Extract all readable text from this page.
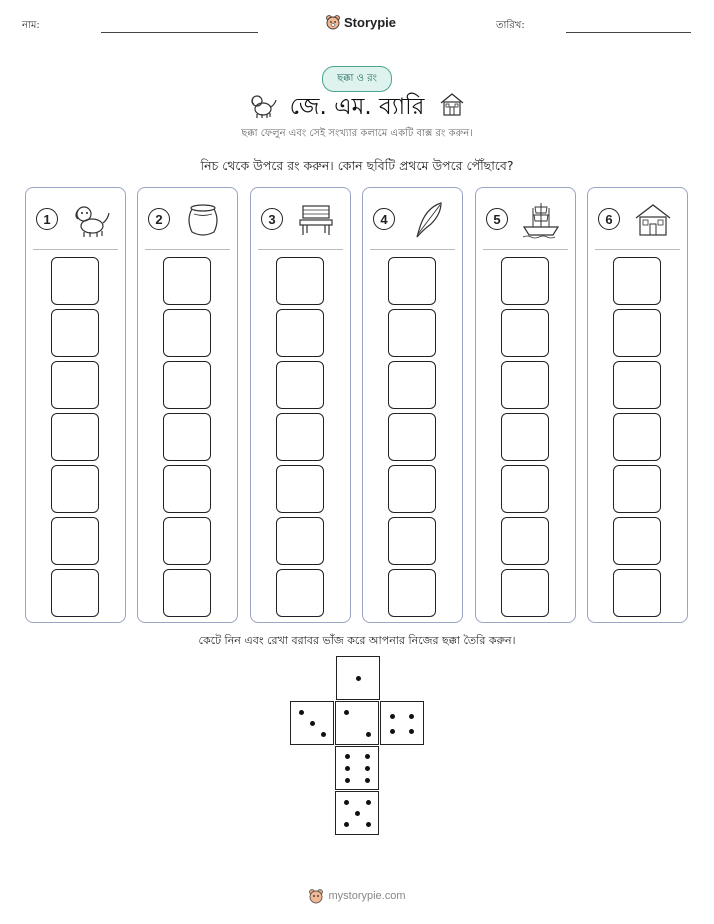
নাম:	Storypie	তারিখ:
ছক্কা ও রং
জে. এম. ব্যারি
ছক্কা ফেলুন এবং সেই সংখ্যার কলামে একটি বাক্স রং করুন।
নিচ থেকে উপরে রং করুন। কোন ছবিটি প্রথমে উপরে পৌঁছাবে?
1	2	3	4	5	6
কেটে নিন এবং রেখা বরাবর ভাঁজ করে আপনার নিজের ছক্কা তৈরি করুন।
mystorypie.com
